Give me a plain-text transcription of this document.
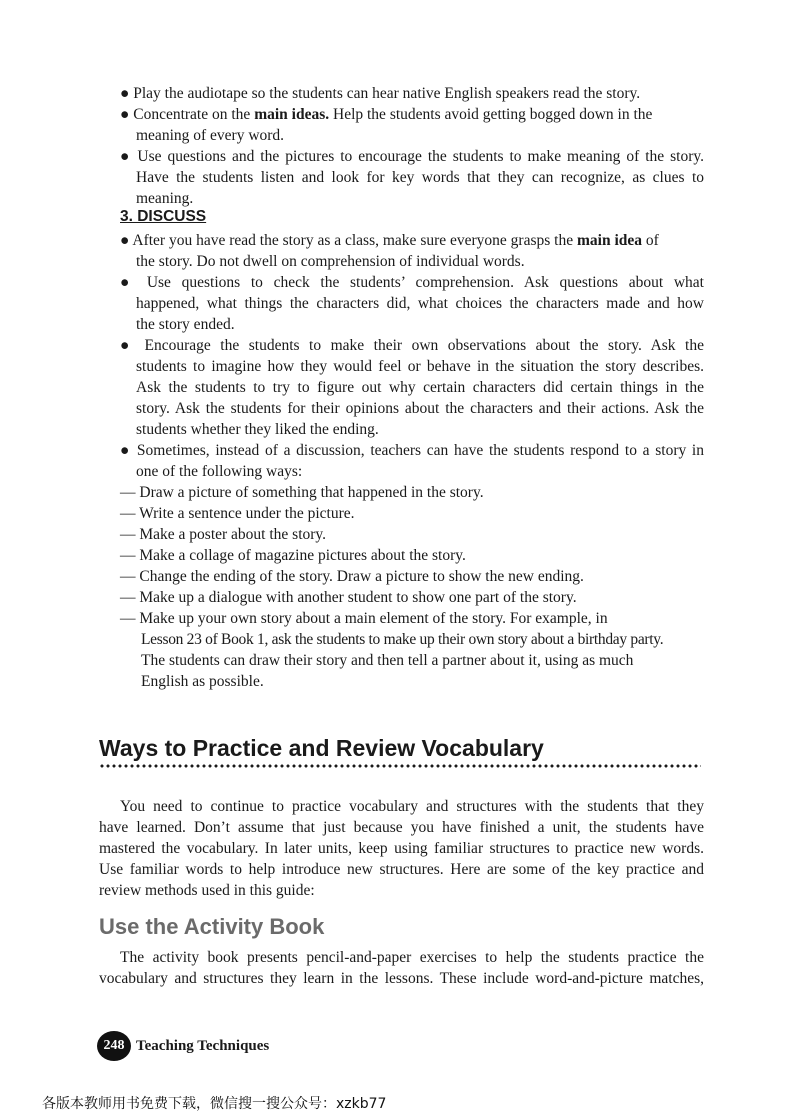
● Play the audiotape so the students can hear native English speakers read the story.
● Concentrate on the main ideas. Help the students avoid getting bogged down in the
meaning of every word.
● Use questions and the pictures to encourage the students to make meaning of the story.
Have the students listen and look for key words that they can recognize, as clues to
meaning.
3. DISCUSS
● After you have read the story as a class, make sure everyone grasps the main idea of
the story. Do not dwell on comprehension of individual words.
● Use questions to check the students’ comprehension. Ask questions about what
happened, what things the characters did, what choices the characters made and how
the story ended.
● Encourage the students to make their own observations about the story. Ask the
students to imagine how they would feel or behave in the situation the story describes.
Ask the students to try to figure out why certain characters did certain things in the
story. Ask the students for their opinions about the characters and their actions. Ask the
students whether they liked the ending.
● Sometimes, instead of a discussion, teachers can have the students respond to a story in
one of the following ways:
— Draw a picture of something that happened in the story.
— Write a sentence under the picture.
— Make a poster about the story.
— Make a collage of magazine pictures about the story.
— Change the ending of the story. Draw a picture to show the new ending.
— Make up a dialogue with another student to show one part of the story.
— Make up your own story about a main element of the story. For example, in
Lesson 23 of Book 1, ask the students to make up their own story about a birthday party.
The students can draw their story and then tell a partner about it, using as much
English as possible.
Ways to Practice and Review Vocabulary
You need to continue to practice vocabulary and structures with the students that they
have learned. Don’t assume that just because you have finished a unit, the students have
mastered the vocabulary. In later units, keep using familiar structures to practice new words.
Use familiar words to help introduce new structures. Here are some of the key practice and
review methods used in this guide:
Use the Activity Book
The activity book presents pencil-and-paper exercises to help the students practice the
vocabulary and structures they learn in the lessons. These include word-and-picture matches,
248 Teaching Techniques
各版本教师用书免费下载，微信搜一搜公众号：xzkb77
